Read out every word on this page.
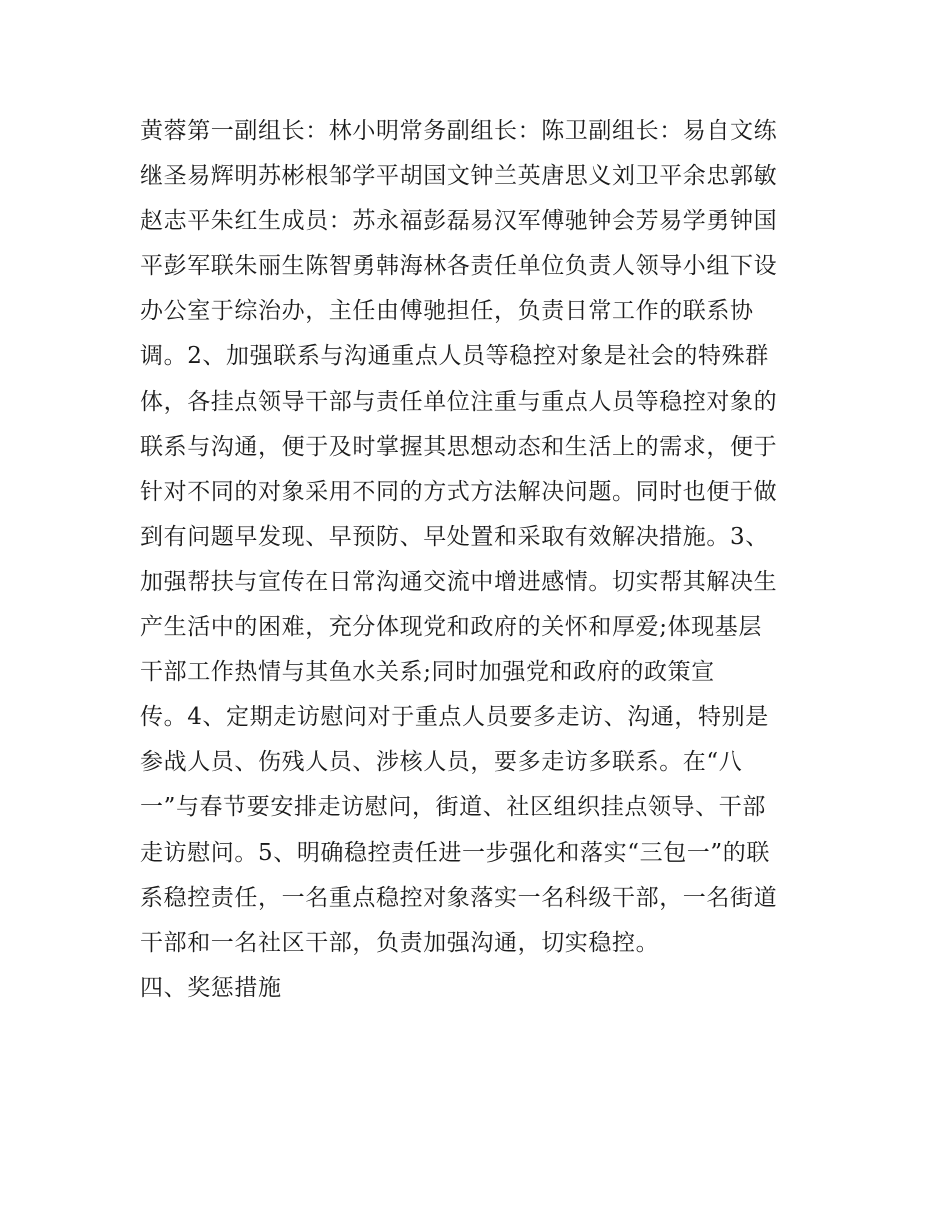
黄蓉第一副组长：林小明常务副组长：陈卫副组长：易自文练
继圣易辉明苏彬根邹学平胡国文钟兰英唐思义刘卫平余忠郭敏
赵志平朱红生成员：苏永福彭磊易汉军傅驰钟会芳易学勇钟国
平彭军联朱丽生陈智勇韩海林各责任单位负责人领导小组下设
办公室于综治办，主任由傅驰担任，负责日常工作的联系协
调。2、加强联系与沟通重点人员等稳控对象是社会的特殊群
体，各挂点领导干部与责任单位注重与重点人员等稳控对象的
联系与沟通，便于及时掌握其思想动态和生活上的需求，便于
针对不同的对象采用不同的方式方法解决问题。同时也便于做
到有问题早发现、早预防、早处置和采取有效解决措施。3、
加强帮扶与宣传在日常沟通交流中增进感情。切实帮其解决生
产生活中的困难，充分体现党和政府的关怀和厚爱;体现基层
干部工作热情与其鱼水关系;同时加强党和政府的政策宣
传。4、定期走访慰问对于重点人员要多走访、沟通，特别是
参战人员、伤残人员、涉核人员，要多走访多联系。在“八
一”与春节要安排走访慰问，街道、社区组织挂点领导、干部
走访慰问。5、明确稳控责任进一步强化和落实“三包一”的联
系稳控责任，一名重点稳控对象落实一名科级干部，一名街道
干部和一名社区干部，负责加强沟通，切实稳控。
四、奖惩措施
